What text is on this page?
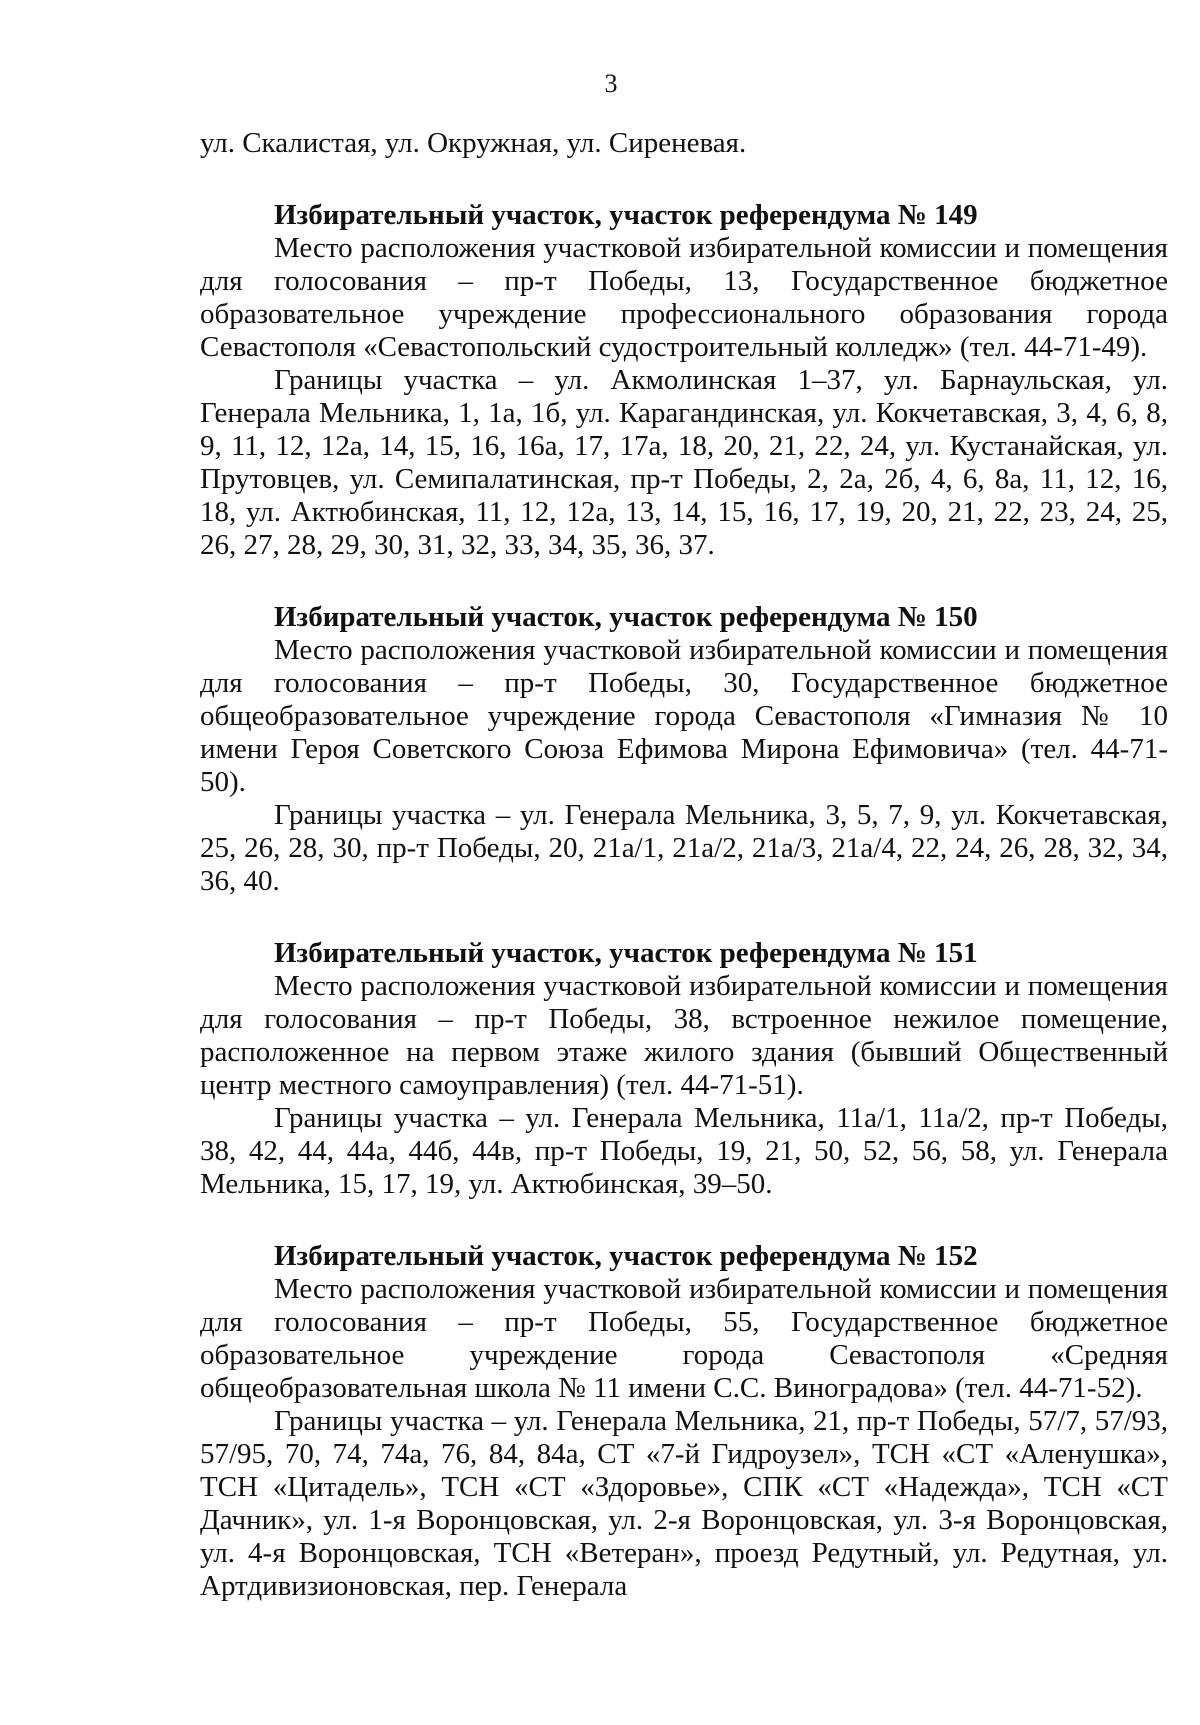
3

ул. Скалистая, ул. Окружная, ул. Сиреневая.

Избирательный участок, участок референдума № 149

Место расположения участковой избирательной комиссии и помещения для голосования – пр-т Победы, 13, Государственное бюджетное образовательное учреждение профессионального образования города Севастополя «Севастопольский судостроительный колледж» (тел. 44-71-49).

Границы участка – ул. Акмолинская 1–37, ул. Барнаульская, ул. Генерала Мельника, 1, 1а, 1б, ул. Карагандинская, ул. Кокчетавская, 3, 4, 6, 8, 9, 11, 12, 12а, 14, 15, 16, 16а, 17, 17а, 18, 20, 21, 22, 24, ул. Кустанайская, ул. Прутовцев, ул. Семипалатинская, пр-т Победы, 2, 2а, 2б, 4, 6, 8а, 11, 12, 16, 18, ул. Актюбинская, 11, 12, 12а, 13, 14, 15, 16, 17, 19, 20, 21, 22, 23, 24, 25, 26, 27, 28, 29, 30, 31, 32, 33, 34, 35, 36, 37.

Избирательный участок, участок референдума № 150

Место расположения участковой избирательной комиссии и помещения для голосования – пр-т Победы, 30, Государственное бюджетное общеобразовательное учреждение города Севастополя «Гимназия № 10 имени Героя Советского Союза Ефимова Мирона Ефимовича» (тел. 44-71-50).

Границы участка – ул. Генерала Мельника, 3, 5, 7, 9, ул. Кокчетавская, 25, 26, 28, 30, пр-т Победы, 20, 21а/1, 21а/2, 21а/3, 21а/4, 22, 24, 26, 28, 32, 34, 36, 40.

Избирательный участок, участок референдума № 151

Место расположения участковой избирательной комиссии и помещения для голосования – пр-т Победы, 38, встроенное нежилое помещение, расположенное на первом этаже жилого здания (бывший Общественный центр местного самоуправления) (тел. 44-71-51).

Границы участка – ул. Генерала Мельника, 11а/1, 11а/2, пр-т Победы, 38, 42, 44, 44а, 44б, 44в, пр-т Победы, 19, 21, 50, 52, 56, 58, ул. Генерала Мельника, 15, 17, 19, ул. Актюбинская, 39–50.

Избирательный участок, участок референдума № 152

Место расположения участковой избирательной комиссии и помещения для голосования – пр-т Победы, 55, Государственное бюджетное образовательное учреждение города Севастополя «Средняя общеобразовательная школа № 11 имени С.С. Виноградова» (тел. 44-71-52).

Границы участка – ул. Генерала Мельника, 21, пр-т Победы, 57/7, 57/93, 57/95, 70, 74, 74а, 76, 84, 84а, СТ «7-й Гидроузел», ТСН «СТ «Аленушка», ТСН «Цитадель», ТСН «СТ «Здоровье», СПК «СТ «Надежда», ТСН «СТ Дачник», ул. 1-я Воронцовская, ул. 2-я Воронцовская, ул. 3-я Воронцовская, ул. 4-я Воронцовская, ТСН «Ветеран», проезд Редутный, ул. Редутная, ул. Артдивизионовская, пер. Генерала
